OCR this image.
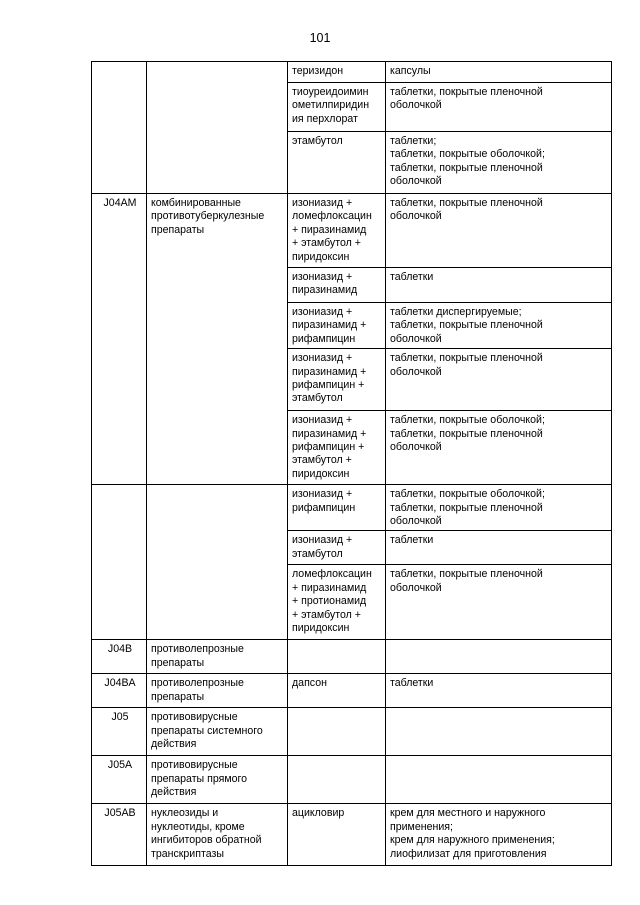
101
		теризидон	капсулы
		тиоуреидоимин
ометилпиридин
ия перхлорат	таблетки, покрытые пленочной
оболочкой
		этамбутол	таблетки;
таблетки, покрытые оболочкой;
таблетки, покрытые пленочной
оболочкой
J04AM	комбинированные
противотуберкулезные
препараты	изониазид +
ломефлоксацин
+ пиразинамид
+ этамбутол +
пиридоксин	таблетки, покрытые пленочной
оболочкой
		изониазид +
пиразинамид	таблетки
		изониазид +
пиразинамид +
рифампицин	таблетки диспергируемые;
таблетки, покрытые пленочной
оболочкой
		изониазид +
пиразинамид +
рифампицин +
этамбутол	таблетки, покрытые пленочной
оболочкой
		изониазид +
пиразинамид +
рифампицин +
этамбутол +
пиридоксин	таблетки, покрытые оболочкой;
таблетки, покрытые пленочной
оболочкой
		изониазид +
рифампицин	таблетки, покрытые оболочкой;
таблетки, покрытые пленочной
оболочкой
		изониазид +
этамбутол	таблетки
		ломефлоксацин
+ пиразинамид
+ протионамид
+ этамбутол +
пиридоксин	таблетки, покрытые пленочной
оболочкой
J04B	противолепрозные
препараты		
J04BA	противолепрозные
препараты	дапсон	таблетки
J05	противовирусные
препараты системного
действия		
J05A	противовирусные
препараты прямого
действия		
J05AB	нуклеозиды и
нуклеотиды, кроме
ингибиторов обратной
транскриптазы	ацикловир	крем для местного и наружного
применения;
крем для наружного применения;
лиофилизат для приготовления
